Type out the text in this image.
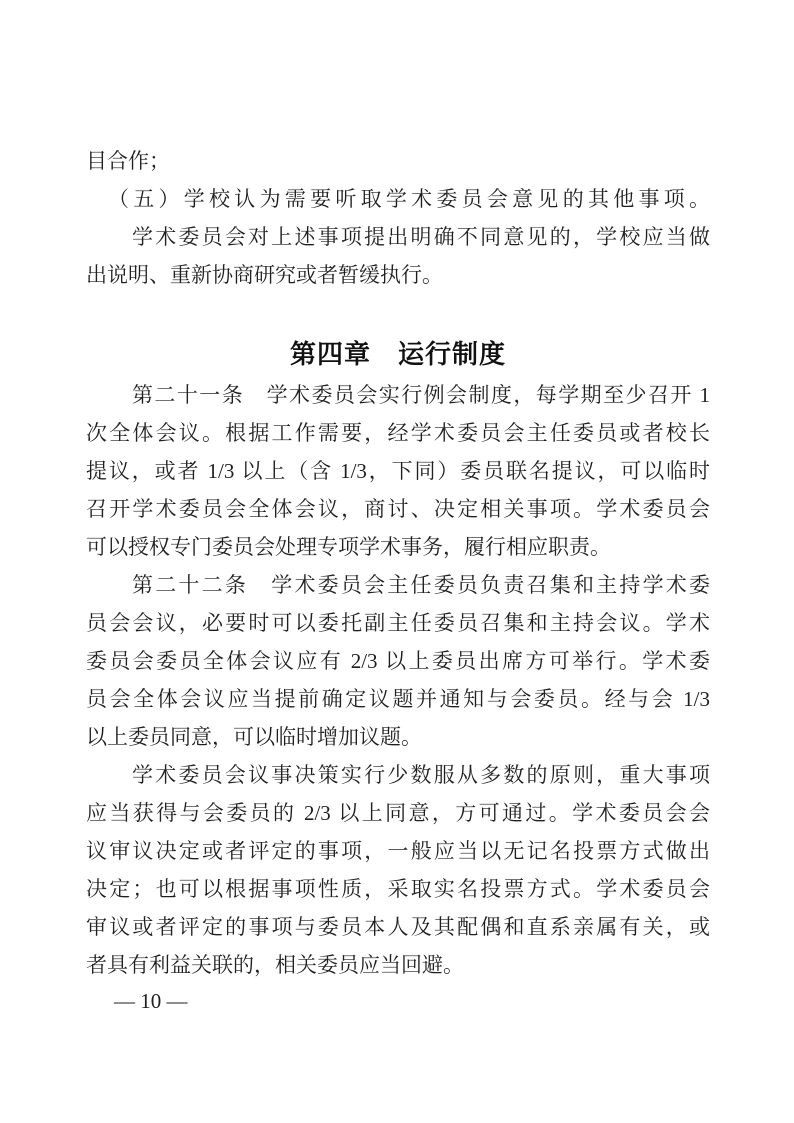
目合作；
（五）学校认为需要听取学术委员会意见的其他事项。
学术委员会对上述事项提出明确不同意见的，学校应当做
出说明、重新协商研究或者暂缓执行。
第四章　运行制度
第二十一条　学术委员会实行例会制度，每学期至少召开 1
次全体会议。根据工作需要，经学术委员会主任委员或者校长
提议，或者 1/3 以上（含 1/3，下同）委员联名提议，可以临时
召开学术委员会全体会议，商讨、决定相关事项。学术委员会
可以授权专门委员会处理专项学术事务，履行相应职责。
第二十二条　学术委员会主任委员负责召集和主持学术委
员会会议，必要时可以委托副主任委员召集和主持会议。学术
委员会委员全体会议应有 2/3 以上委员出席方可举行。学术委
员会全体会议应当提前确定议题并通知与会委员。经与会 1/3
以上委员同意，可以临时增加议题。
学术委员会议事决策实行少数服从多数的原则，重大事项
应当获得与会委员的 2/3 以上同意，方可通过。学术委员会会
议审议决定或者评定的事项，一般应当以无记名投票方式做出
决定；也可以根据事项性质，采取实名投票方式。学术委员会
审议或者评定的事项与委员本人及其配偶和直系亲属有关，或
者具有利益关联的，相关委员应当回避。
— 10 —
